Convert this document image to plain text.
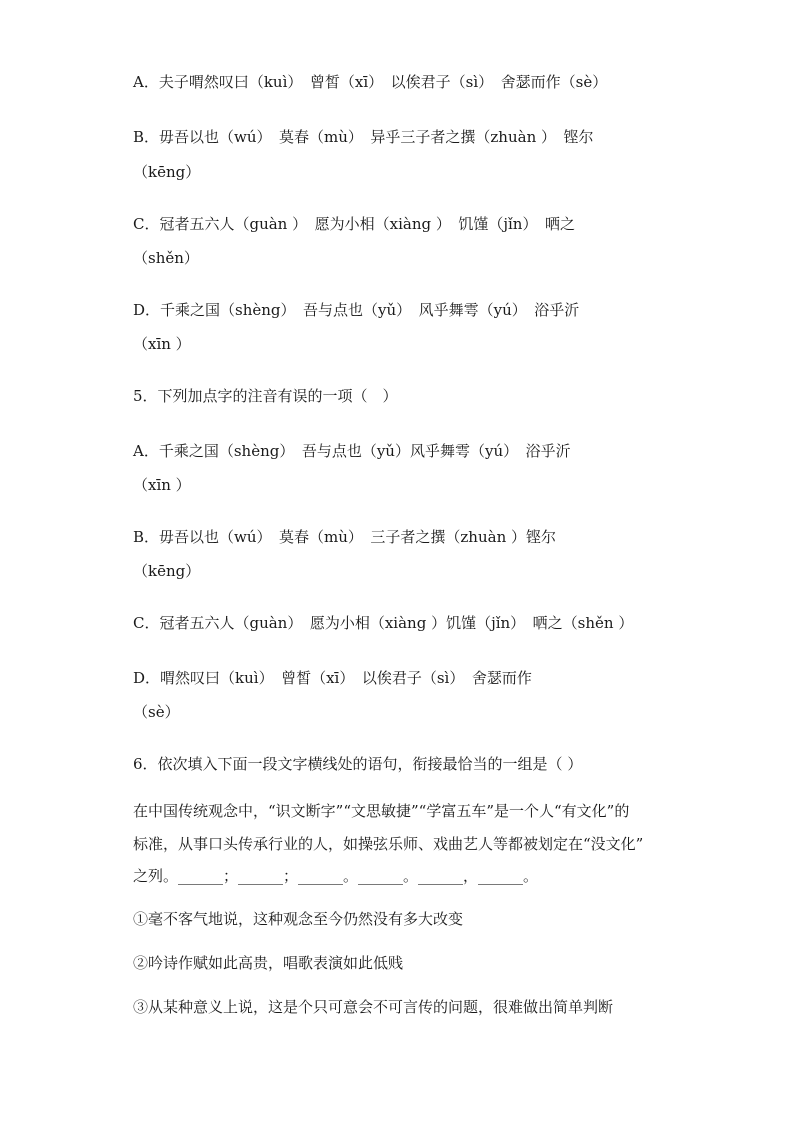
A．夫子喟然叹曰（kuì）　曾皙（xī）　以俟君子（sì）　舍瑟而作（sè）
B．毋吾以也（wú）　莫春（mù）　异乎三子者之撰（zhuàn ）　铿尔
（kēng）
C．冠者五六人（guàn ）　愿为小相（xiàng ）　饥馑（jǐn）　哂之
（shěn）
D．千乘之国（shèng）　吾与点也（yǔ）　风乎舞雩（yú）　浴乎沂
（xīn ）
5．下列加点字的注音有误的一项（　）
A．千乘之国（shèng）　吾与点也（yǔ）风乎舞雩（yú）　浴乎沂
（xīn ）
B．毋吾以也（wú）　莫春（mù）　三子者之撰（zhuàn ）铿尔
（kēng）
C．冠者五六人（guàn）　愿为小相（xiàng ）饥馑（jǐn）　哂之（shěn ）
D．喟然叹曰（kuì）　曾皙（xī）　以俟君子（sì）　舍瑟而作
（sè）
6．依次填入下面一段文字横线处的语句，衔接最恰当的一组是（ ）
在中国传统观念中，“识文断字”“文思敏捷”“学富五车”是一个人“有文化”的
标准，从事口头传承行业的人，如操弦乐师、戏曲艺人等都被划定在“没文化”
之列。______；______；______。______。______，______。
①毫不客气地说，这种观念至今仍然没有多大改变
②吟诗作赋如此高贵，唱歌表演如此低贱
③从某种意义上说，这是个只可意会不可言传的问题，很难做出简单判断
